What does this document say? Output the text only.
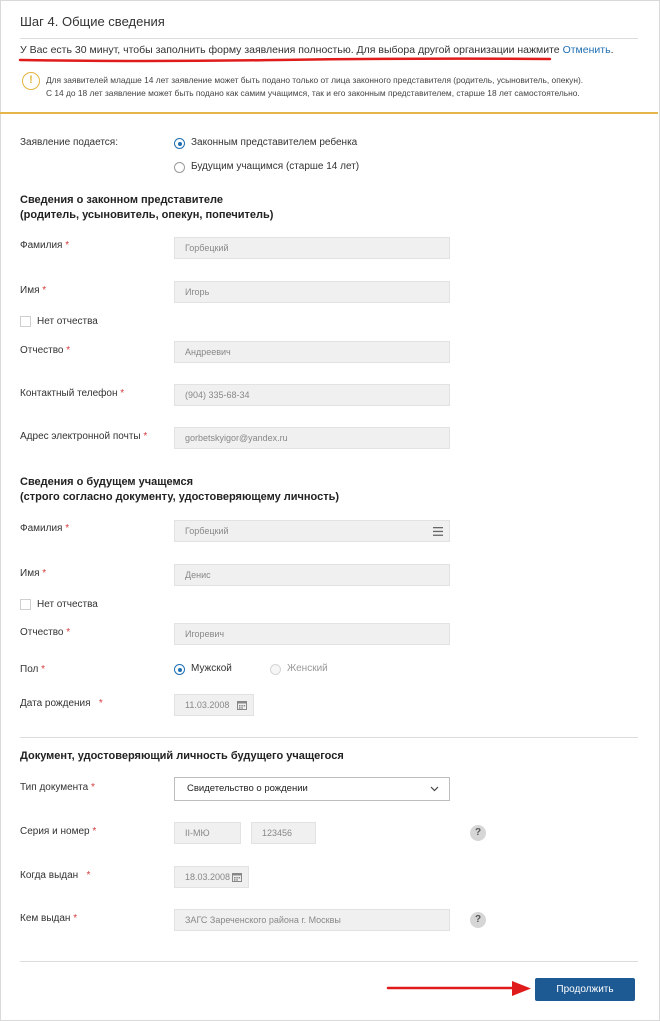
Шаг 4. Общие сведения
У Вас есть 30 минут, чтобы заполнить форму заявления полностью. Для выбора другой организации нажмите Отменить.
!	Для заявителей младше 14 лет заявление может быть подано только от лица законного представителя (родитель, усыновитель, опекун).
С 14 до 18 лет заявление может быть подано как самим учащимся, так и его законным представителем, старше 18 лет самостоятельно.
Заявление подается:	Законным представителем ребенка
Будущим учащимся (старше 14 лет)
Сведения о законном представителе
(родитель, усыновитель, опекун, попечитель)
Фамилия *	Горбецкий
Имя *	Игорь
Нет отчества
Отчество *	Андреевич
Контактный телефон *	(904) 335-68-34
Адрес электронной почты *	gorbetskyigor@yandex.ru
Сведения о будущем учащемся
(строго согласно документу, удостоверяющему личность)
Фамилия *	Горбецкий
Имя *	Денис
Нет отчества
Отчество *	Игоревич
Пол *	Мужской	Женский
Дата рождения *	11.03.2008
Документ, удостоверяющий личность будущего учащегося
Тип документа *	Свидетельство о рождении
Серия и номер *	II-МЮ	123456	?
Когда выдан *	18.03.2008
Кем выдан *	ЗАГС Зареченского района г. Москвы	?
Продолжить
